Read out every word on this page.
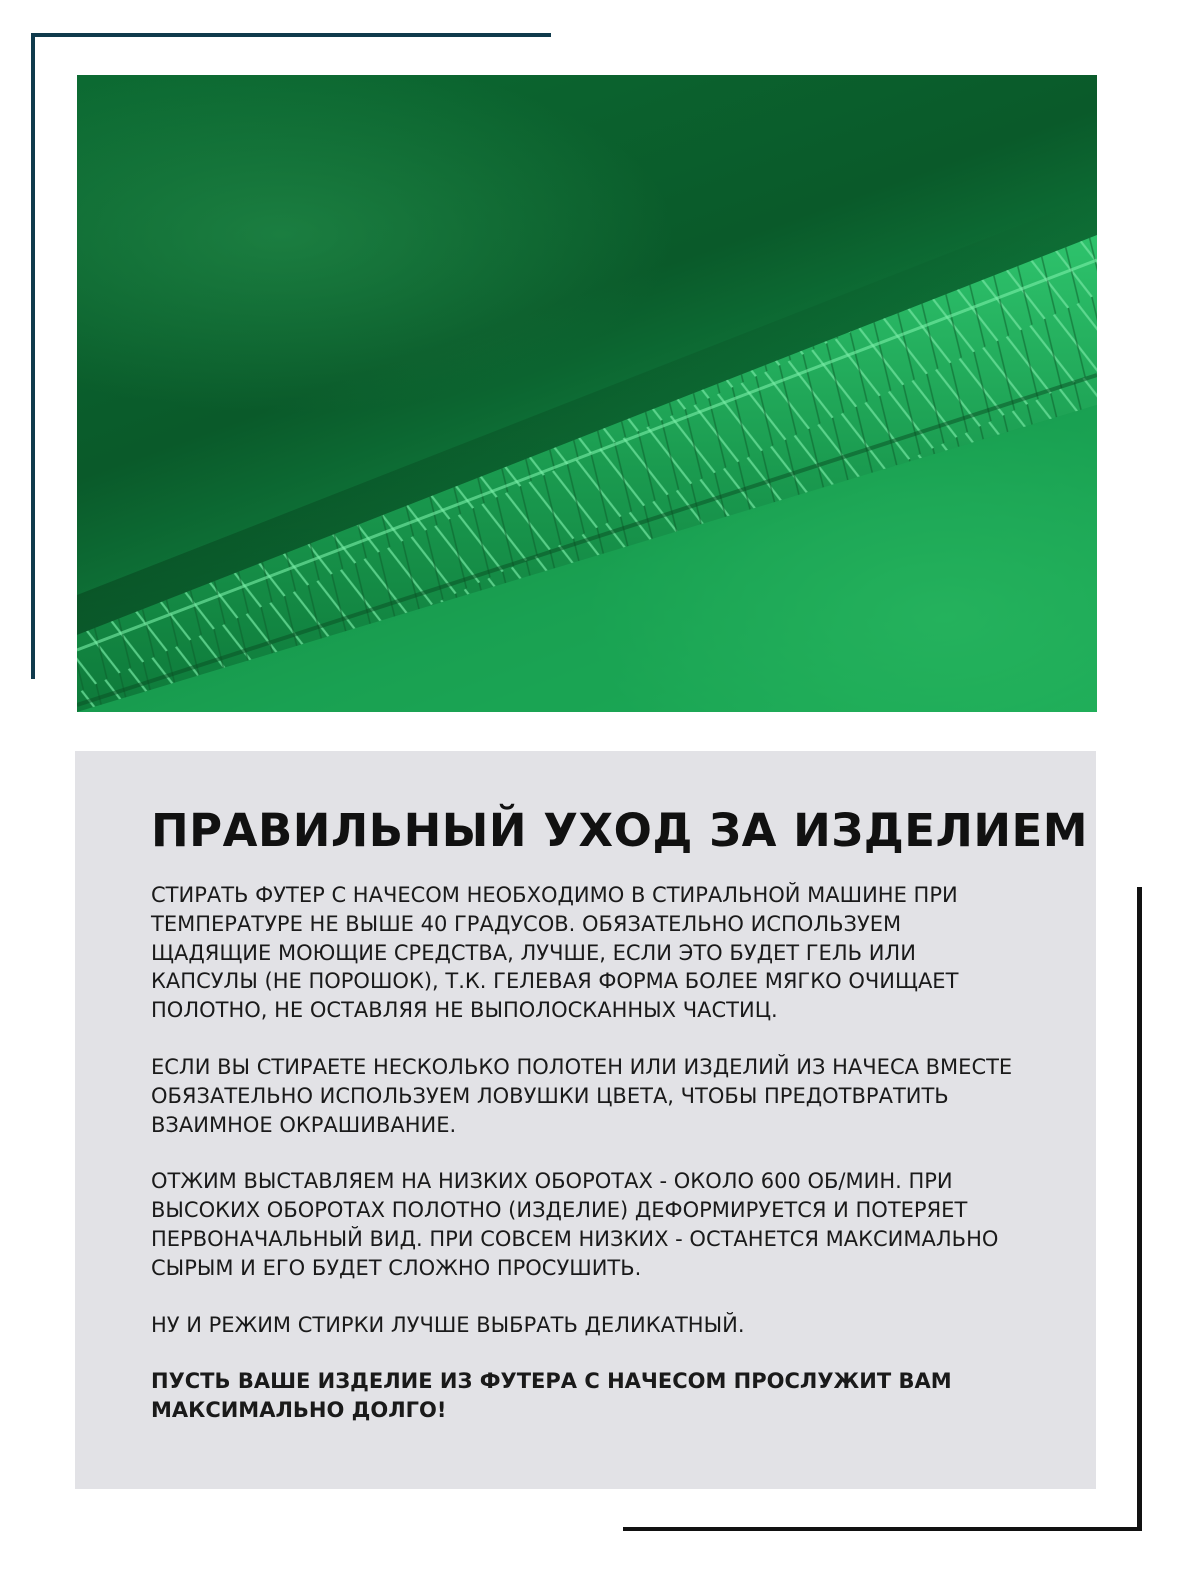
ПРАВИЛЬНЫЙ УХОД ЗА ИЗДЕЛИЕМ

СТИРАТЬ ФУТЕР С НАЧЕСОМ НЕОБХОДИМО В СТИРАЛЬНОЙ МАШИНЕ ПРИ ТЕМПЕРАТУРЕ НЕ ВЫШЕ 40 ГРАДУСОВ. ОБЯЗАТЕЛЬНО ИСПОЛЬЗУЕМ ЩАДЯЩИЕ МОЮЩИЕ СРЕДСТВА, ЛУЧШЕ, ЕСЛИ ЭТО БУДЕТ ГЕЛЬ ИЛИ КАПСУЛЫ (НЕ ПОРОШОК), Т.К. ГЕЛЕВАЯ ФОРМА БОЛЕЕ МЯГКО ОЧИЩАЕТ ПОЛОТНО, НЕ ОСТАВЛЯЯ НЕ ВЫПОЛОСКАННЫХ ЧАСТИЦ.

ЕСЛИ ВЫ СТИРАЕТЕ НЕСКОЛЬКО ПОЛОТЕН ИЛИ ИЗДЕЛИЙ ИЗ НАЧЕСА ВМЕСТЕ ОБЯЗАТЕЛЬНО ИСПОЛЬЗУЕМ ЛОВУШКИ ЦВЕТА, ЧТОБЫ ПРЕДОТВРАТИТЬ ВЗАИМНОЕ ОКРАШИВАНИЕ.

ОТЖИМ ВЫСТАВЛЯЕМ НА НИЗКИХ ОБОРОТАХ - ОКОЛО 600 ОБ/МИН. ПРИ ВЫСОКИХ ОБОРОТАХ ПОЛОТНО (ИЗДЕЛИЕ) ДЕФОРМИРУЕТСЯ И ПОТЕРЯЕТ ПЕРВОНАЧАЛЬНЫЙ ВИД. ПРИ СОВСЕМ НИЗКИХ - ОСТАНЕТСЯ МАКСИМАЛЬНО СЫРЫМ И ЕГО БУДЕТ СЛОЖНО ПРОСУШИТЬ.

НУ И РЕЖИМ СТИРКИ ЛУЧШЕ ВЫБРАТЬ ДЕЛИКАТНЫЙ.

ПУСТЬ ВАШЕ ИЗДЕЛИЕ ИЗ ФУТЕРА С НАЧЕСОМ ПРОСЛУЖИТ ВАМ МАКСИМАЛЬНО ДОЛГО!
